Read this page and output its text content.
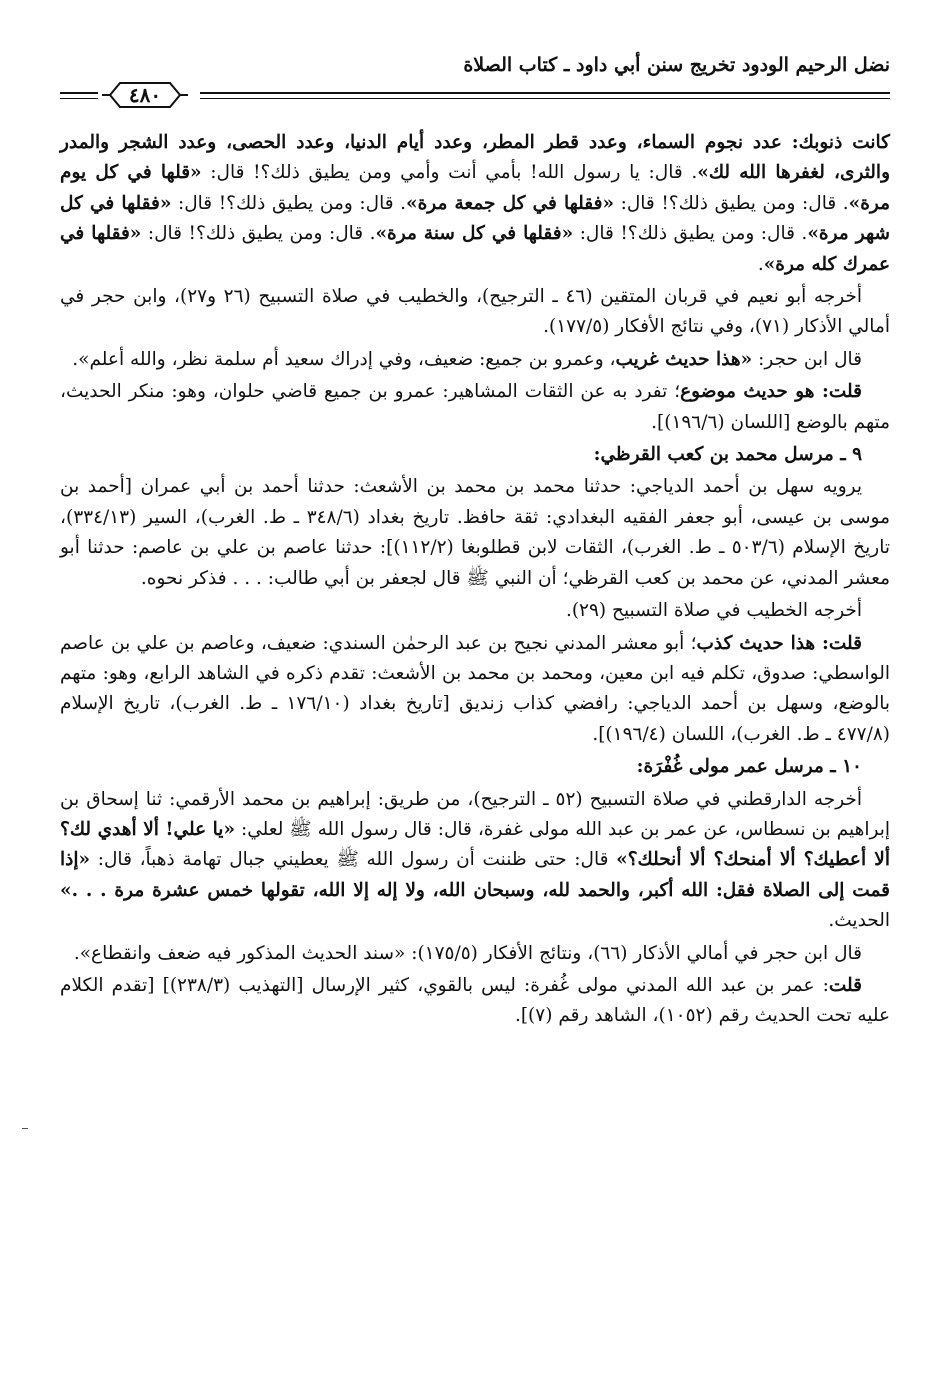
نضل الرحيم الودود تخريج سنن أبي داود ـ كتاب الصلاة
٤٨٠

كانت ذنوبك: عدد نجوم السماء، وعدد قطر المطر، وعدد أيام الدنيا، وعدد الحصى، وعدد الشجر والمدر والثرى، لغفرها الله لك». قال: يا رسول الله! بأمي أنت وأمي ومن يطيق ذلك؟! قال: «قلها في كل يوم مرة». قال: ومن يطيق ذلك؟! قال: «فقلها في كل جمعة مرة». قال: ومن يطيق ذلك؟! قال: «فقلها في كل شهر مرة». قال: ومن يطيق ذلك؟! قال: «فقلها في كل سنة مرة». قال: ومن يطيق ذلك؟! قال: «فقلها في عمرك كله مرة».

أخرجه أبو نعيم في قربان المتقين (٤٦ ـ الترجيح)، والخطيب في صلاة التسبيح (٢٦ و٢٧)، وابن حجر في أمالي الأذكار (٧١)، وفي نتائج الأفكار (١٧٧/٥).

قال ابن حجر: «هذا حديث غريب، وعمرو بن جميع: ضعيف، وفي إدراك سعيد أم سلمة نظر، والله أعلم».

قلت: هو حديث موضوع؛ تفرد به عن الثقات المشاهير: عمرو بن جميع قاضي حلوان، وهو: منكر الحديث، متهم بالوضع [اللسان (١٩٦/٦)].

٩ ـ مرسل محمد بن كعب القرظي:

يرويه سهل بن أحمد الدياجي: حدثنا محمد بن محمد بن الأشعث: حدثنا أحمد بن أبي عمران [أحمد بن موسى بن عيسى، أبو جعفر الفقيه البغدادي: ثقة حافظ. تاريخ بغداد (٣٤٨/٦ ـ ط. الغرب)، السير (٣٣٤/١٣)، تاريخ الإسلام (٥٠٣/٦ ـ ط. الغرب)، الثقات لابن قطلوبغا (١١٢/٢)]: حدثنا عاصم بن علي بن عاصم: حدثنا أبو معشر المدني، عن محمد بن كعب القرظي؛ أن النبي ﷺ قال لجعفر بن أبي طالب: . . . فذكر نحوه.

أخرجه الخطيب في صلاة التسبيح (٢٩).

قلت: هذا حديث كذب؛ أبو معشر المدني نجيح بن عبد الرحمٰن السندي: ضعيف، وعاصم بن علي بن عاصم الواسطي: صدوق، تكلم فيه ابن معين، ومحمد بن محمد بن الأشعث: تقدم ذكره في الشاهد الرابع، وهو: متهم بالوضع، وسهل بن أحمد الدياجي: رافضي كذاب زنديق [تاريخ بغداد (١٧٦/١٠ ـ ط. الغرب)، تاريخ الإسلام (٤٧٧/٨ ـ ط. الغرب)، اللسان (١٩٦/٤)].

١٠ ـ مرسل عمر مولى غُفْرَة:

أخرجه الدارقطني في صلاة التسبيح (٥٢ ـ الترجيح)، من طريق: إبراهيم بن محمد الأرقمي: ثنا إسحاق بن إبراهيم بن نسطاس، عن عمر بن عبد الله مولى غفرة، قال: قال رسول الله ﷺ لعلي: «يا علي! ألا أهدي لك؟ ألا أعطيك؟ ألا أمنحك؟ ألا أنحلك؟» قال: حتى ظننت أن رسول الله ﷺ يعطيني جبال تهامة ذهباً، قال: «إذا قمت إلى الصلاة فقل: الله أكبر، والحمد لله، وسبحان الله، ولا إله إلا الله، تقولها خمس عشرة مرة . . .» الحديث.

قال ابن حجر في أمالي الأذكار (٦٦)، ونتائج الأفكار (١٧٥/٥): «سند الحديث المذكور فيه ضعف وانقطاع».

قلت: عمر بن عبد الله المدني مولى غُفرة: ليس بالقوي، كثير الإرسال [التهذيب (٢٣٨/٣)] [تقدم الكلام عليه تحت الحديث رقم (١٠٥٢)، الشاهد رقم (٧)].
